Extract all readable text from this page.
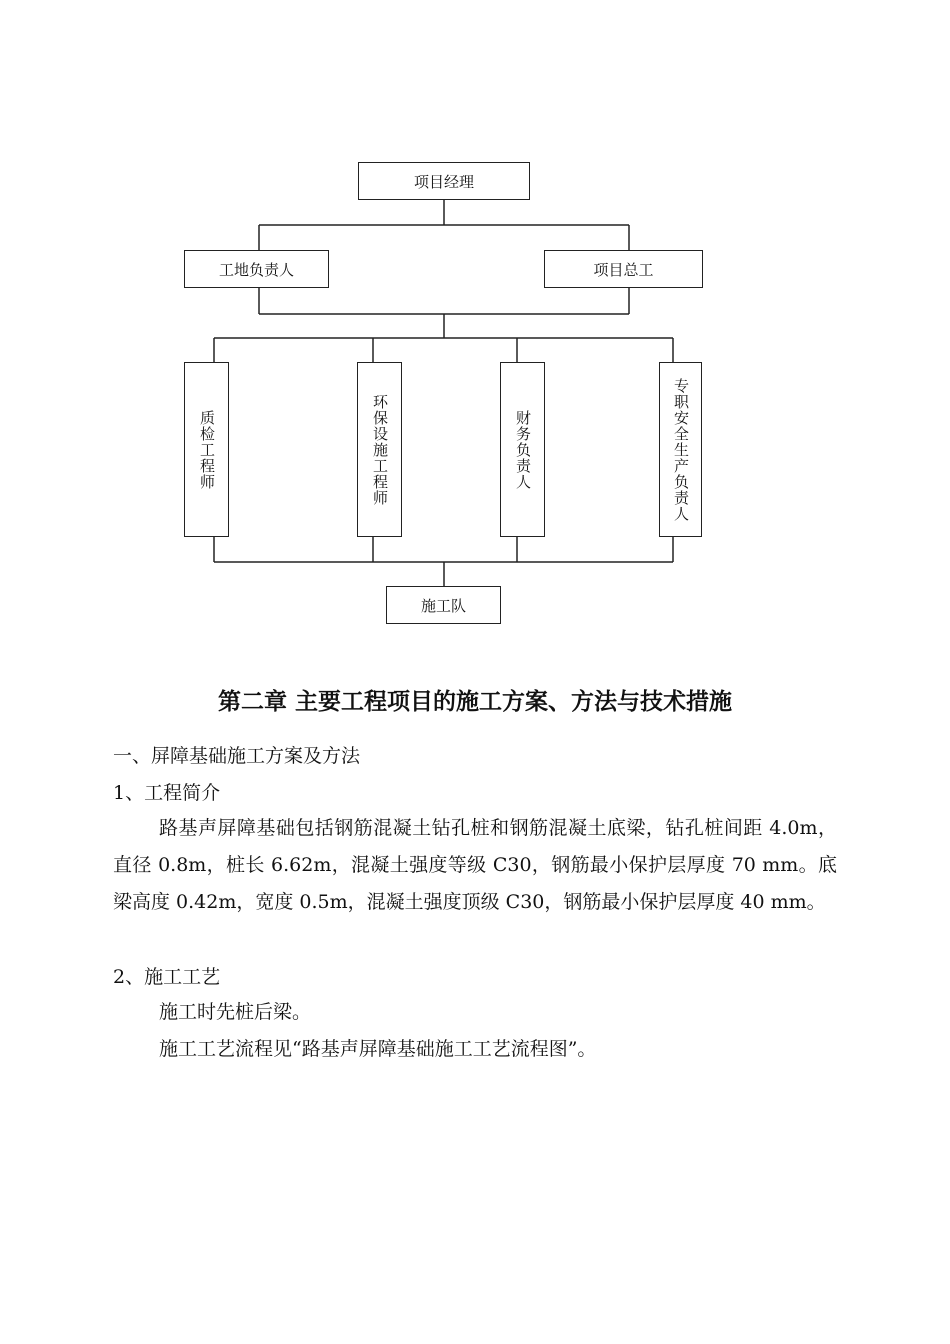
项目经理
工地负责人	项目总工
质检工程师	环保设施工程师	财务负责人	专职安全生产负责人
施工队
第二章 主要工程项目的施工方案、方法与技术措施
一、屏障基础施工方案及方法
1、工程简介
路基声屏障基础包括钢筋混凝土钻孔桩和钢筋混凝土底梁，钻孔桩间距 4.0m，直径 0.8m，桩长 6.62m，混凝土强度等级 C30，钢筋最小保护层厚度 70 mm。底梁高度 0.42m，宽度 0.5m，混凝土强度顶级 C30，钢筋最小保护层厚度 40 mm。
2、施工工艺
施工时先桩后梁。
施工工艺流程见“路基声屏障基础施工工艺流程图”。
